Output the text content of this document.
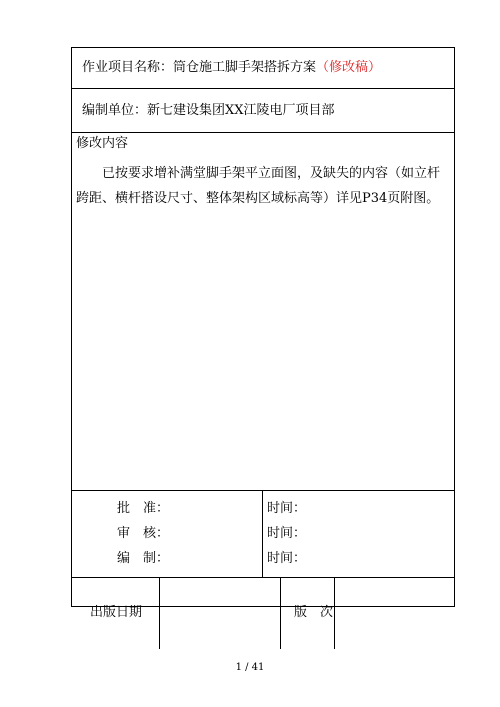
作业项目名称：筒仓施工脚手架搭拆方案（修改稿）
编制单位：新七建设集团XX江陵电厂项目部
修改内容
已按要求增补满堂脚手架平立面图，及缺失的内容（如立杆跨距、横杆搭设尺寸、整体架构区域标高等）详见P34页附图。
批　准：
审　核：
编　制：
时间：
时间：
时间：
出版日期	版　次
1 / 41
